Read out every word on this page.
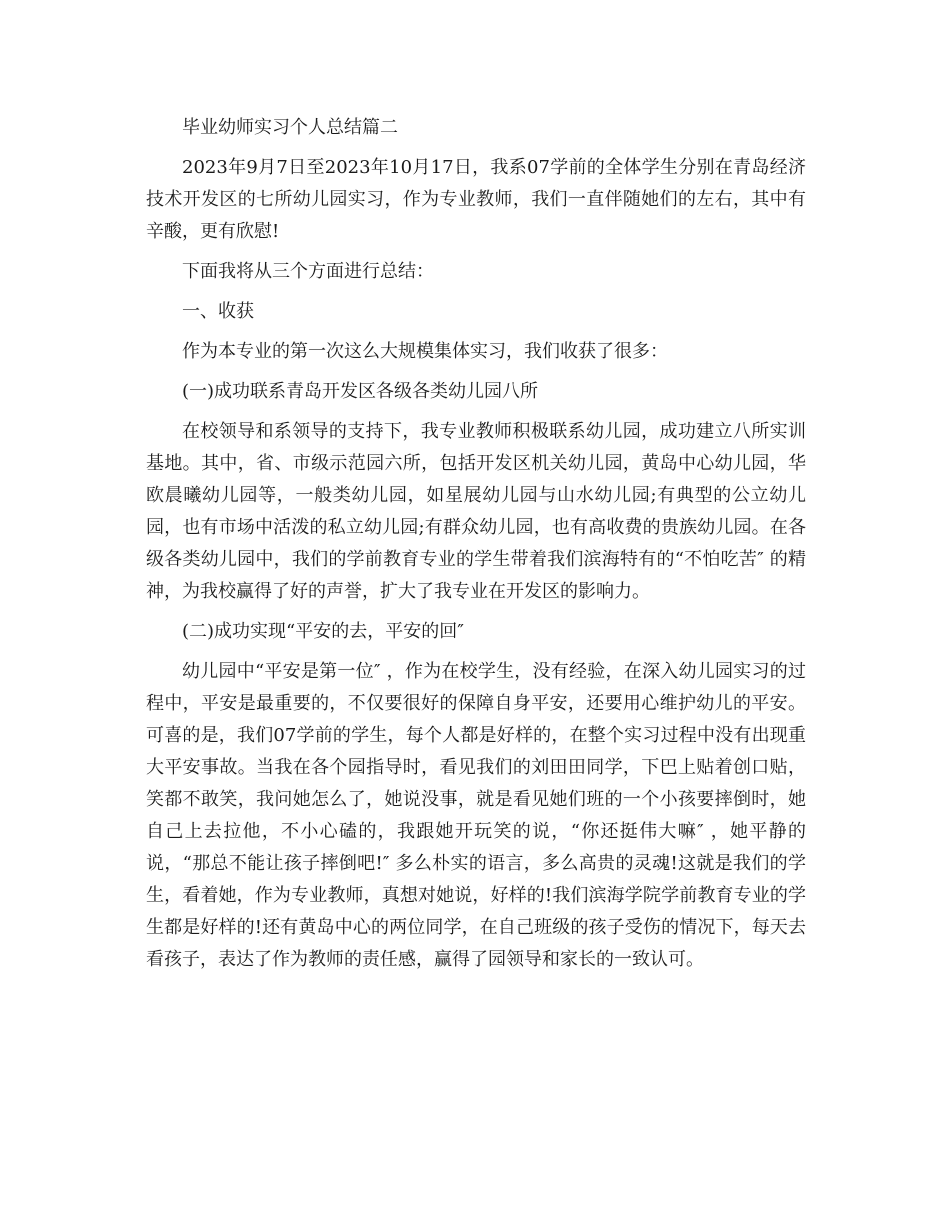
毕业幼师实习个人总结篇二

2023年9月7日至2023年10月17日，我系07学前的全体学生分别在青岛经济技术开发区的七所幼儿园实习，作为专业教师，我们一直伴随她们的左右，其中有辛酸，更有欣慰!

下面我将从三个方面进行总结：

一、收获

作为本专业的第一次这么大规模集体实习，我们收获了很多：

(一)成功联系青岛开发区各级各类幼儿园八所

在校领导和系领导的支持下，我专业教师积极联系幼儿园，成功建立八所实训基地。其中，省、市级示范园六所，包括开发区机关幼儿园，黄岛中心幼儿园，华欧晨曦幼儿园等，一般类幼儿园，如星展幼儿园与山水幼儿园;有典型的公立幼儿园，也有市场中活泼的私立幼儿园;有群众幼儿园，也有高收费的贵族幼儿园。在各级各类幼儿园中，我们的学前教育专业的学生带着我们滨海特有的“不怕吃苦″ 的精神，为我校赢得了好的声誉，扩大了我专业在开发区的影响力。

(二)成功实现“平安的去，平安的回″

幼儿园中“平安是第一位″ ，作为在校学生，没有经验，在深入幼儿园实习的过程中，平安是最重要的，不仅要很好的保障自身平安，还要用心维护幼儿的平安。可喜的是，我们07学前的学生，每个人都是好样的，在整个实习过程中没有出现重大平安事故。当我在各个园指导时，看见我们的刘田田同学，下巴上贴着创口贴，笑都不敢笑，我问她怎么了，她说没事，就是看见她们班的一个小孩要摔倒时，她自己上去拉他，不小心磕的，我跟她开玩笑的说，“你还挺伟大嘛″ ，她平静的说，“那总不能让孩子摔倒吧!″ 多么朴实的语言，多么高贵的灵魂!这就是我们的学生，看着她，作为专业教师，真想对她说，好样的!我们滨海学院学前教育专业的学生都是好样的!还有黄岛中心的两位同学，在自己班级的孩子受伤的情况下，每天去看孩子，表达了作为教师的责任感，赢得了园领导和家长的一致认可。
